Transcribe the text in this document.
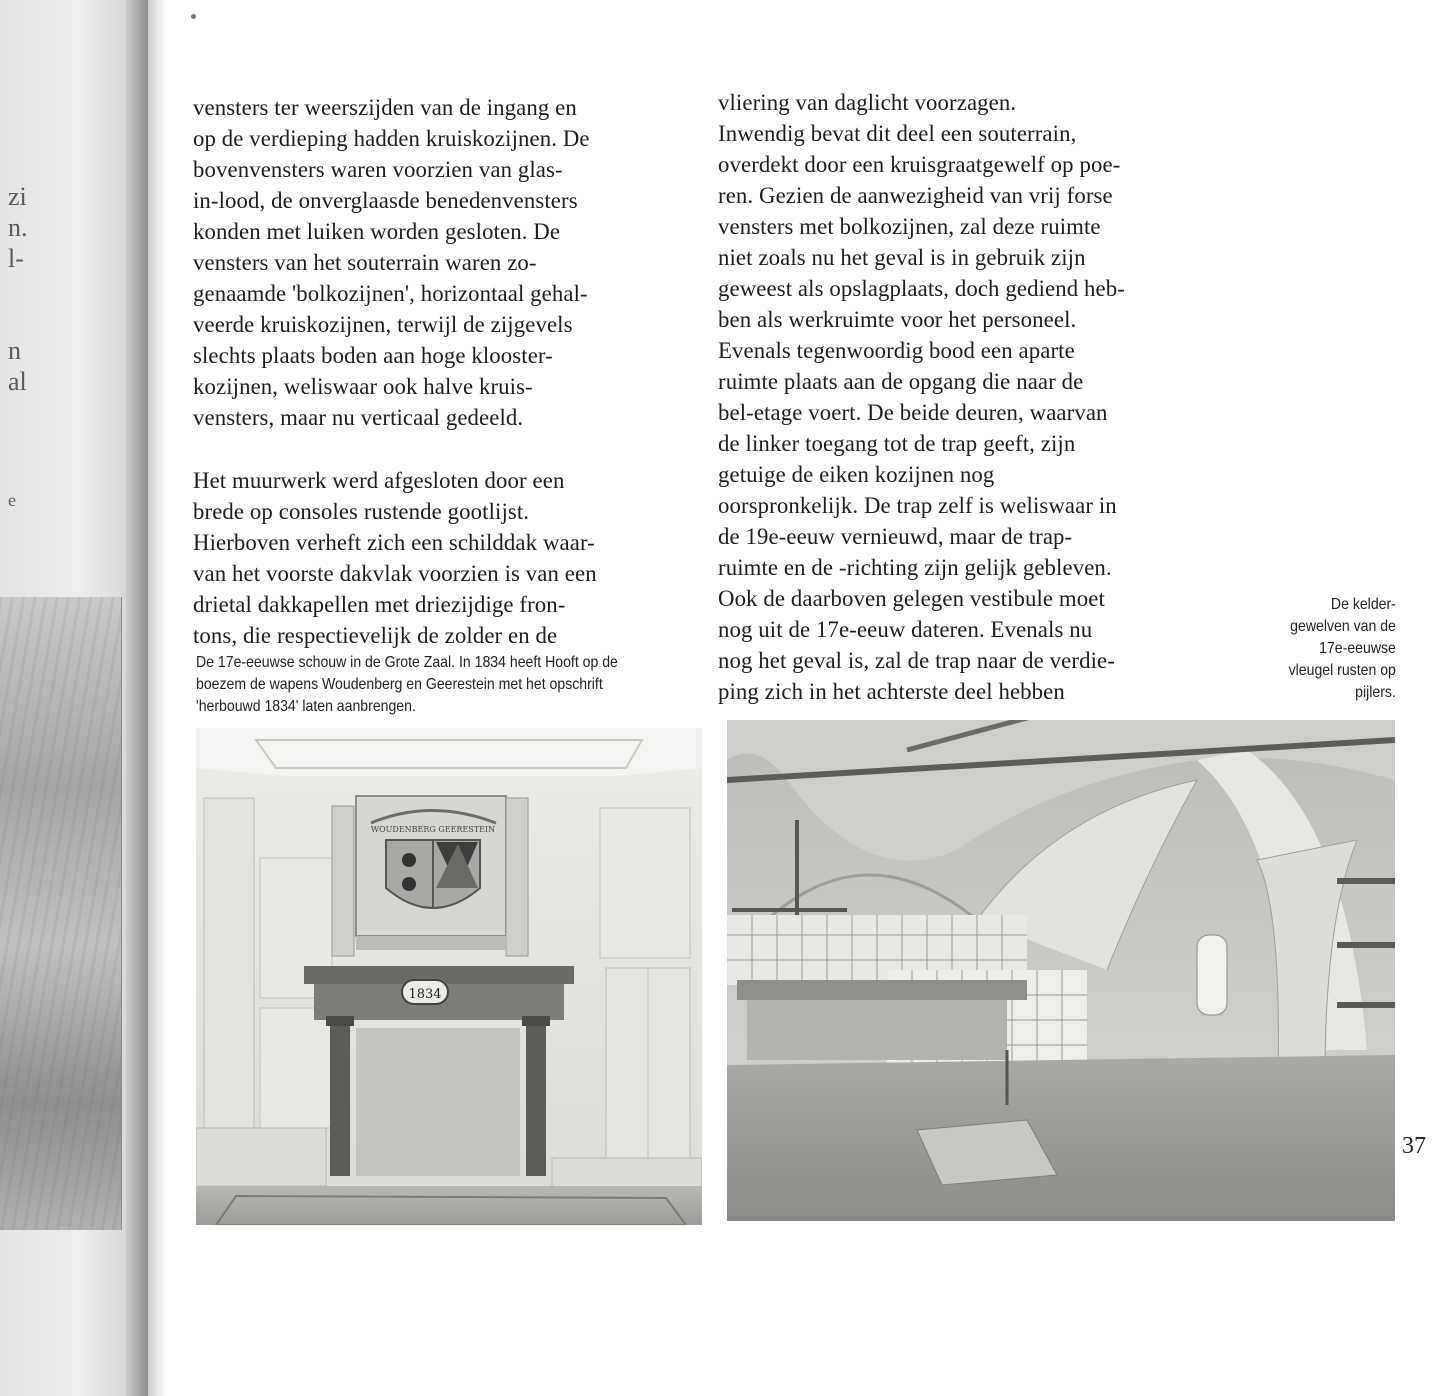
zi
n.
l-
n
al
e

vensters ter weerszijden van de ingang en

op de verdieping hadden kruiskozijnen. De

bovenvensters waren voorzien van glas-

in-lood, de onverglaasde benedenvensters

konden met luiken worden gesloten. De

vensters van het souterrain waren zo-

genaamde 'bolkozijnen', horizontaal gehal-

veerde kruiskozijnen, terwijl de zijgevels

slechts plaats boden aan hoge klooster-

kozijnen, weliswaar ook halve kruis-

vensters, maar nu verticaal gedeeld.

Het muurwerk werd afgesloten door een

brede op consoles rustende gootlijst.

Hierboven verheft zich een schilddak waar-

van het voorste dakvlak voorzien is van een

drietal dakkapellen met driezijdige fron-

tons, die respectievelijk de zolder en de

vliering van daglicht voorzagen.

Inwendig bevat dit deel een souterrain,

overdekt door een kruisgraatgewelf op poe-

ren. Gezien de aanwezigheid van vrij forse

vensters met bolkozijnen, zal deze ruimte

niet zoals nu het geval is in gebruik zijn

geweest als opslagplaats, doch gediend heb-

ben als werkruimte voor het personeel.

Evenals tegenwoordig bood een aparte

ruimte plaats aan de opgang die naar de

bel-etage voert. De beide deuren, waarvan

de linker toegang tot de trap geeft, zijn

getuige de eiken kozijnen nog

oorspronkelijk. De trap zelf is weliswaar in

de 19e-eeuw vernieuwd, maar de trap-

ruimte en de -richting zijn gelijk gebleven.

Ook de daarboven gelegen vestibule moet

nog uit de 17e-eeuw dateren. Evenals nu

nog het geval is, zal de trap naar de verdie-

ping zich in het achterste deel hebben

De 17e-eeuwse schouw in de Grote Zaal. In 1834 heeft Hooft op de

boezem de wapens Woudenberg en Geerestein met het opschrift

'herbouwd 1834' laten aanbrengen.

De kelder-

gewelven van de

17e-eeuwse

vleugel rusten op

pijlers.

WOUDENBERG GEERESTEIN
1834
37
